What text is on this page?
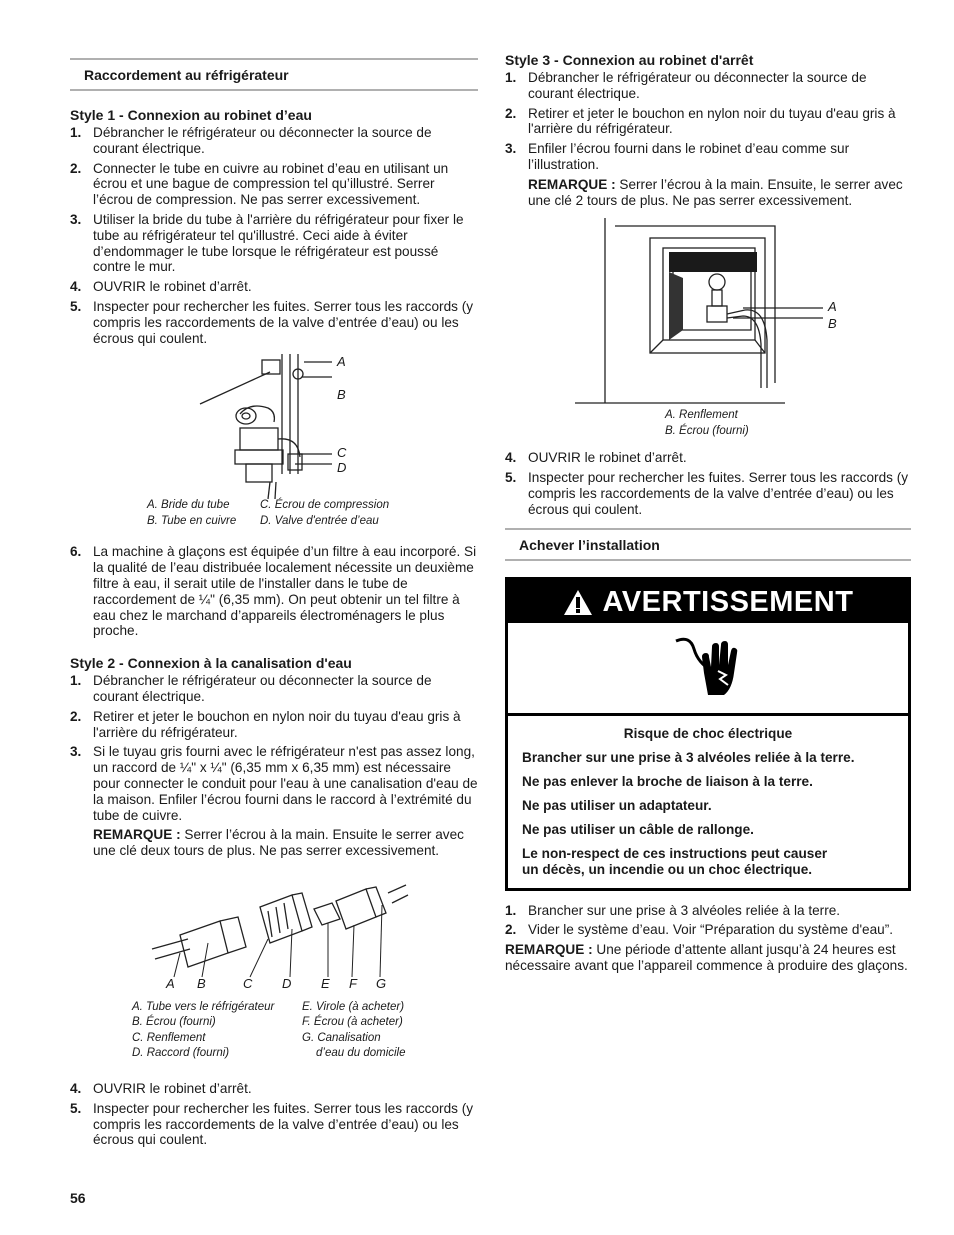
Raccordement au réfrigérateur
Style 1 - Connexion au robinet d’eau
1. Débrancher le réfrigérateur ou déconnecter la source de courant électrique.
2. Connecter le tube en cuivre au robinet d’eau en utilisant un écrou et une bague de compression tel qu’illustré. Serrer l’écrou de compression. Ne pas serrer excessivement.
3. Utiliser la bride du tube à l'arrière du réfrigérateur pour fixer le tube au réfrigérateur tel qu'illustré. Ceci aide à éviter d’endommager le tube lorsque le réfrigérateur est poussé contre le mur.
4. OUVRIR le robinet d’arrêt.
5. Inspecter pour rechercher les fuites. Serrer tous les raccords (y compris les raccordements de la valve d’entrée d’eau) ou les écrous qui coulent.
A
B
C
D
A. Bride du tube
B. Tube en cuivre
C. Écrou de compression
D. Valve d'entrée d’eau
6. La machine à glaçons est équipée d’un filtre à eau incorporé. Si la qualité de l’eau distribuée localement nécessite un deuxième filtre à eau, il serait utile de l'installer dans le tube de raccordement de ¼" (6,35 mm). On peut obtenir un tel filtre à eau chez le marchand d’appareils électroménagers le plus proche.
Style 2 - Connexion à la canalisation d'eau
1. Débrancher le réfrigérateur ou déconnecter la source de courant électrique.
2. Retirer et jeter le bouchon en nylon noir du tuyau d'eau gris à l'arrière du réfrigérateur.
3. Si le tuyau gris fourni avec le réfrigérateur n'est pas assez long, un raccord de ¼" x ¼" (6,35 mm x 6,35 mm) est nécessaire pour connecter le conduit pour l'eau à une canalisation d'eau de la maison. Enfiler l’écrou fourni dans le raccord à l’extrémité du tube de cuivre.
REMARQUE : Serrer l’écrou à la main. Ensuite le serrer avec une clé deux tours de plus. Ne pas serrer excessivement.
A B	C D E F G
A. Tube vers le réfrigérateur
B. Écrou (fourni)
C. Renflement
D. Raccord (fourni)
E. Virole (à acheter)
F. Écrou (à acheter)
G. Canalisation
d’eau du domicile
4. OUVRIR le robinet d’arrêt.
5. Inspecter pour rechercher les fuites. Serrer tous les raccords (y compris les raccordements de la valve d’entrée d’eau) ou les écrous qui coulent.
Style 3 - Connexion au robinet d'arrêt
1. Débrancher le réfrigérateur ou déconnecter la source de courant électrique.
2. Retirer et jeter le bouchon en nylon noir du tuyau d'eau gris à l'arrière du réfrigérateur.
3. Enfiler l’écrou fourni dans le robinet d’eau comme sur l’illustration.
REMARQUE : Serrer l’écrou à la main. Ensuite, le serrer avec une clé 2 tours de plus. Ne pas serrer excessivement.
A
B
A. Renflement
B. Écrou (fourni)
4. OUVRIR le robinet d’arrêt.
5. Inspecter pour rechercher les fuites. Serrer tous les raccords (y compris les raccordements de la valve d’entrée d’eau) ou les écrous qui coulent.
Achever l’installation
AVERTISSEMENT
Risque de choc électrique

Brancher sur une prise à 3 alvéoles reliée à la terre.

Ne pas enlever la broche de liaison à la terre.

Ne pas utiliser un adaptateur.

Ne pas utiliser un câble de rallonge.

Le non-respect de ces instructions peut causer un décès, un incendie ou un choc électrique.

1. Brancher sur une prise à 3 alvéoles reliée à la terre.
2. Vider le système d’eau. Voir “Préparation du système d'eau”.
REMARQUE : Une période d’attente allant jusqu’à 24 heures est nécessaire avant que l’appareil commence à produire des glaçons.
56
